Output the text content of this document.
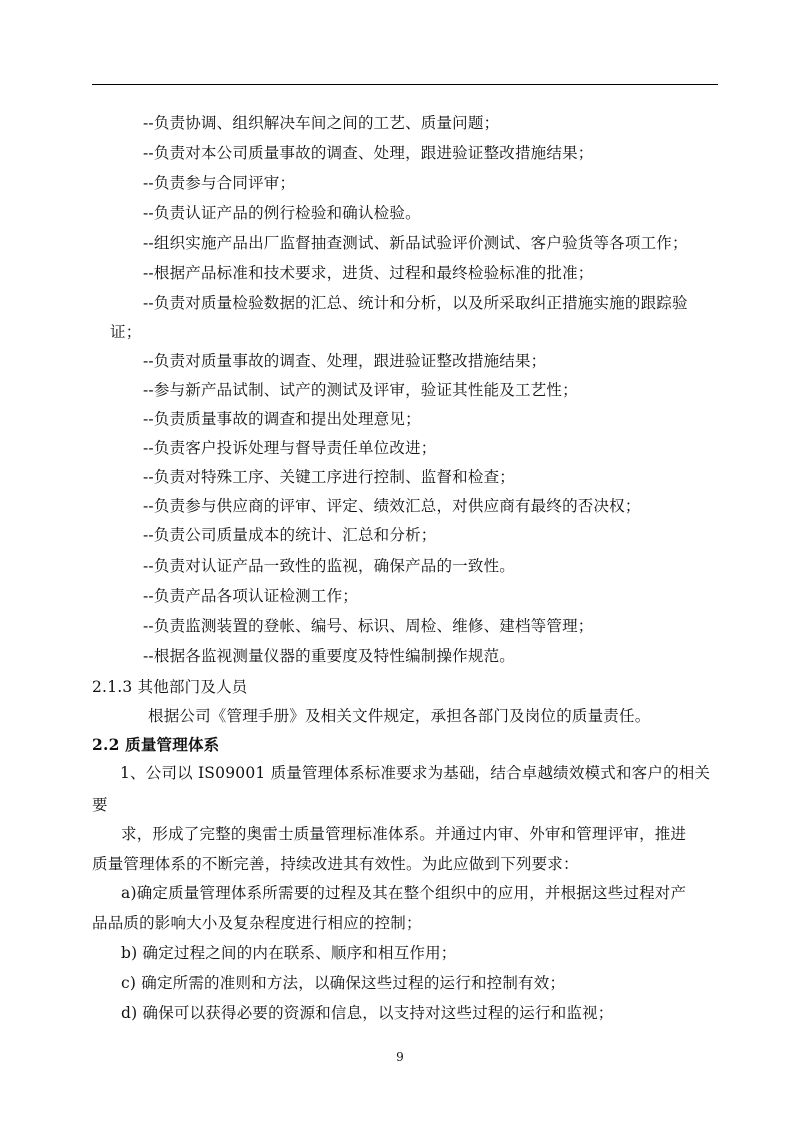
--负责协调、组织解决车间之间的工艺、质量问题；
--负责对本公司质量事故的调查、处理，跟进验证整改措施结果；
--负责参与合同评审；
--负责认证产品的例行检验和确认检验。
--组织实施产品出厂监督抽查测试、新品试验评价测试、客户验货等各项工作；
--根据产品标准和技术要求，进货、过程和最终检验标准的批准；
--负责对质量检验数据的汇总、统计和分析，以及所采取纠正措施实施的跟踪验
证；
--负责对质量事故的调查、处理，跟进验证整改措施结果；
--参与新产品试制、试产的测试及评审，验证其性能及工艺性；
--负责质量事故的调查和提出处理意见；
--负责客户投诉处理与督导责任单位改进；
--负责对特殊工序、关键工序进行控制、监督和检查；
--负责参与供应商的评审、评定、绩效汇总，对供应商有最终的否决权；
--负责公司质量成本的统计、汇总和分析；
--负责对认证产品一致性的监视，确保产品的一致性。
--负责产品各项认证检测工作；
--负责监测装置的登帐、编号、标识、周检、维修、建档等管理；
--根据各监视测量仪器的重要度及特性编制操作规范。
2.1.3 其他部门及人员
根据公司《管理手册》及相关文件规定，承担各部门及岗位的质量责任。
2.2 质量管理体系
1、公司以 IS09001 质量管理体系标准要求为基础，结合卓越绩效模式和客户的相关
要
求，形成了完整的奥雷士质量管理标准体系。并通过内审、外审和管理评审，推进
质量管理体系的不断完善，持续改进其有效性。为此应做到下列要求：
a)确定质量管理体系所需要的过程及其在整个组织中的应用，并根据这些过程对产
品品质的影响大小及复杂程度进行相应的控制；
b) 确定过程之间的内在联系、顺序和相互作用；
c) 确定所需的准则和方法，以确保这些过程的运行和控制有效；
d) 确保可以获得必要的资源和信息，以支持对这些过程的运行和监视；
9
